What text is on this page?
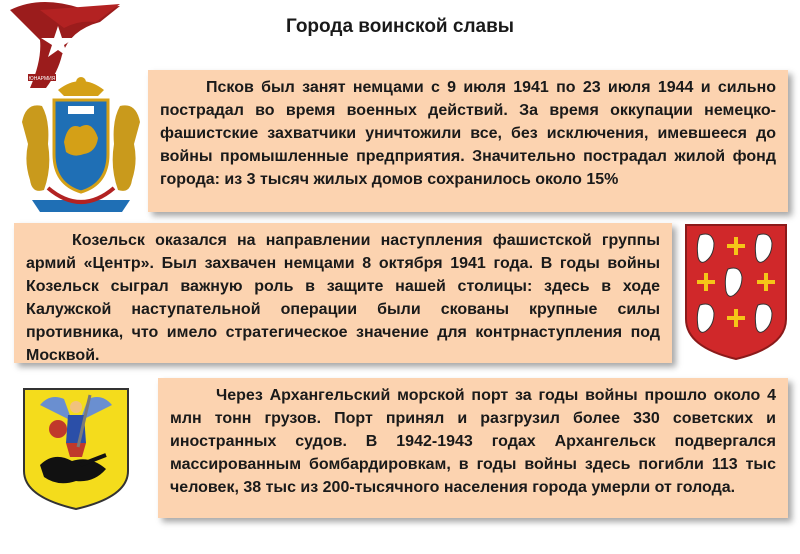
ЮНАРМИЯ
Города воинской славы

Псков был занят немцами с 9 июля 1941 по 23 июля 1944 и сильно пострадал во время военных действий. За время оккупации немецко-фашистские захватчики уничтожили все, без исключения, имевшееся до войны промышленные предприятия. Значительно пострадал жилой фонд города: из 3 тысяч жилых домов сохранилось около 15%

Козельск оказался на направлении наступления фашистской группы армий «Центр». Был захвачен немцами 8 октября 1941 года. В годы войны Козельск сыграл важную роль в защите нашей столицы: здесь в ходе Калужской наступательной операции были скованы крупные силы противника, что имело стратегическое значение для контрнаступления под Москвой.

Через Архангельский морской порт за годы войны прошло около 4 млн тонн грузов. Порт принял и разгрузил более 330 советских и иностранных судов. В 1942-1943 годах Архангельск подвергался массированным бомбардировкам, в годы войны здесь погибли 113 тыс человек, 38 тыс из 200-тысячного населения города умерли от голода.
